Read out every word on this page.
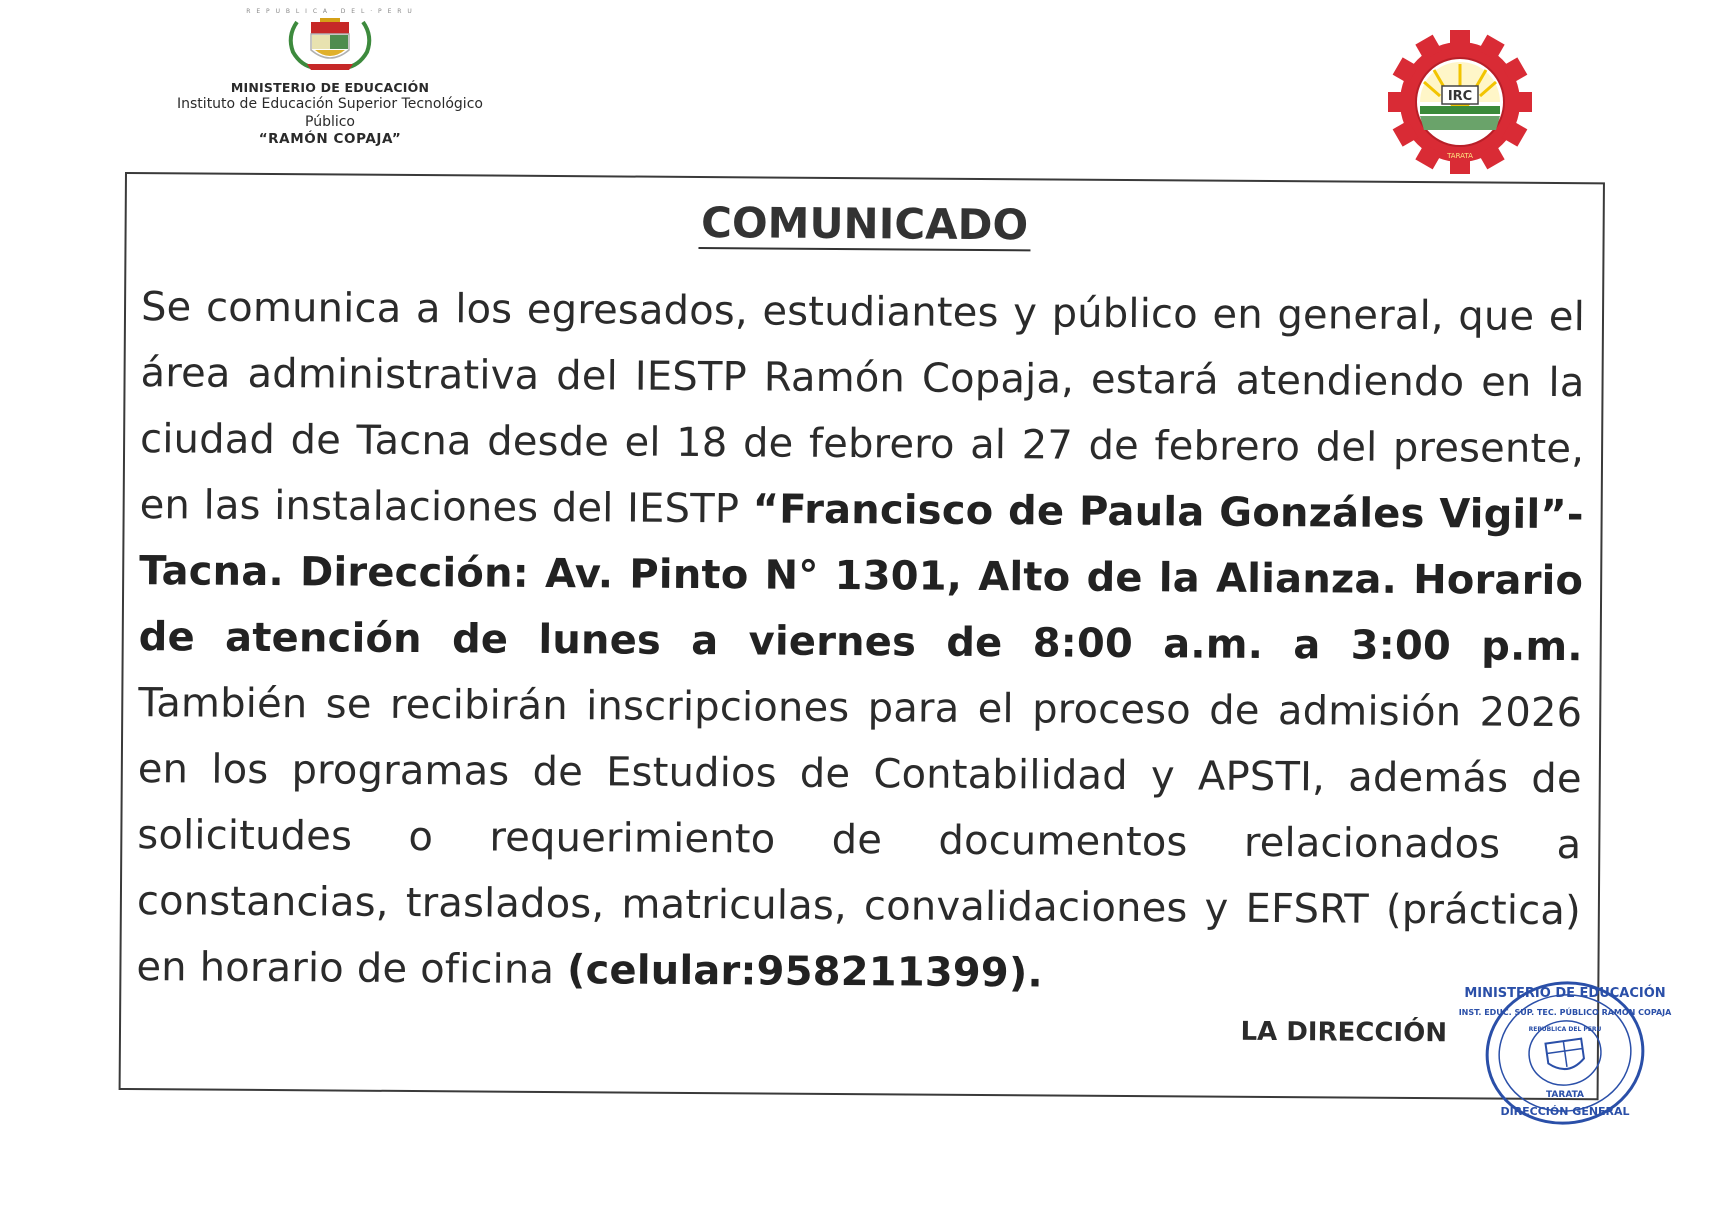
R E P U B L I C A · D E L · P E R U
MINISTERIO DE EDUCACIÓN
Instituto de Educación Superior Tecnológico
Público
“RAMÓN COPAJA”
IRC
TARATA
COMUNICADO
Se comunica a los egresados, estudiantes y público en general, que el área administrativa del IESTP Ramón Copaja, estará atendiendo en la ciudad de Tacna desde el 18 de febrero al 27 de febrero del presente, en las instalaciones del IESTP “Francisco de Paula Gonzáles Vigil”- Tacna. Dirección: Av. Pinto N° 1301, Alto de la Alianza. Horario de atención de lunes a viernes de 8:00 a.m. a 3:00 p.m. También se recibirán inscripciones para el proceso de admisión 2026 en los programas de Estudios de Contabilidad y APSTI, además de solicitudes o requerimiento de documentos relacionados a constancias, traslados, matriculas, convalidaciones y EFSRT (práctica) en horario de oficina (celular:958211399).
LA DIRECCIÓN
MINISTERIO DE EDUCACIÓN
INST. EDUC. SUP. TEC. PÚBLICO RAMÓN COPAJA
REPUBLICA DEL PERU
TARATA
DIRECCIÓN GENERAL
